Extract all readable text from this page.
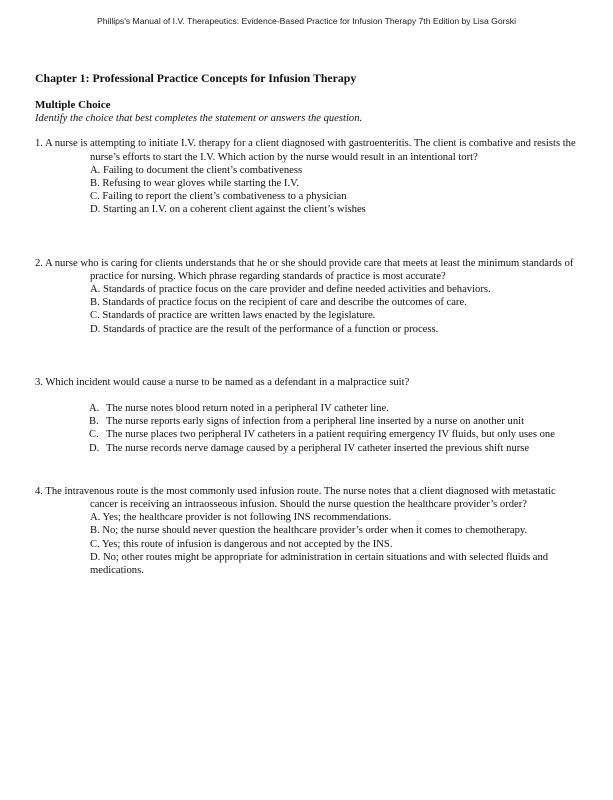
Phillips's Manual of I.V. Therapeutics: Evidence-Based Practice for Infusion Therapy 7th Edition by Lisa Gorski
Chapter 1: Professional Practice Concepts for Infusion Therapy
Multiple Choice
Identify the choice that best completes the statement or answers the question.

1. A nurse is attempting to initiate I.V. therapy for a client diagnosed with gastroenteritis. The client is combative and resists the nurse’s efforts to start the I.V. Which action by the nurse would result in an intentional tort?

A. Failing to document the client’s combativeness
B. Refusing to wear gloves while starting the I.V.
C. Failing to report the client’s combativeness to a physician
D. Starting an I.V. on a coherent client against the client’s wishes

2. A nurse who is caring for clients understands that he or she should provide care that meets at least the minimum standards of practice for nursing. Which phrase regarding standards of practice is most accurate?

A. Standards of practice focus on the care provider and define needed activities and behaviors.
B. Standards of practice focus on the recipient of care and describe the outcomes of care.
C. Standards of practice are written laws enacted by the legislature.
D. Standards of practice are the result of the performance of a function or process.

3. Which incident would cause a nurse to be named as a defendant in a malpractice suit?

A. The nurse notes blood return noted in a peripheral IV catheter line.
B. The nurse reports early signs of infection from a peripheral line inserted by a nurse on another unit
C. The nurse places two peripheral IV catheters in a patient requiring emergency IV fluids, but only uses one
D. The nurse records nerve damage caused by a peripheral IV catheter inserted the previous shift nurse

4. The intravenous route is the most commonly used infusion route. The nurse notes that a client diagnosed with metastatic cancer is receiving an intraosseous infusion. Should the nurse question the healthcare provider’s order?

A. Yes; the healthcare provider is not following INS recommendations.
B. No; the nurse should never question the healthcare provider’s order when it comes to chemotherapy.
C. Yes; this route of infusion is dangerous and not accepted by the INS.
D. No; other routes might be appropriate for administration in certain situations and with selected fluids and medications.
